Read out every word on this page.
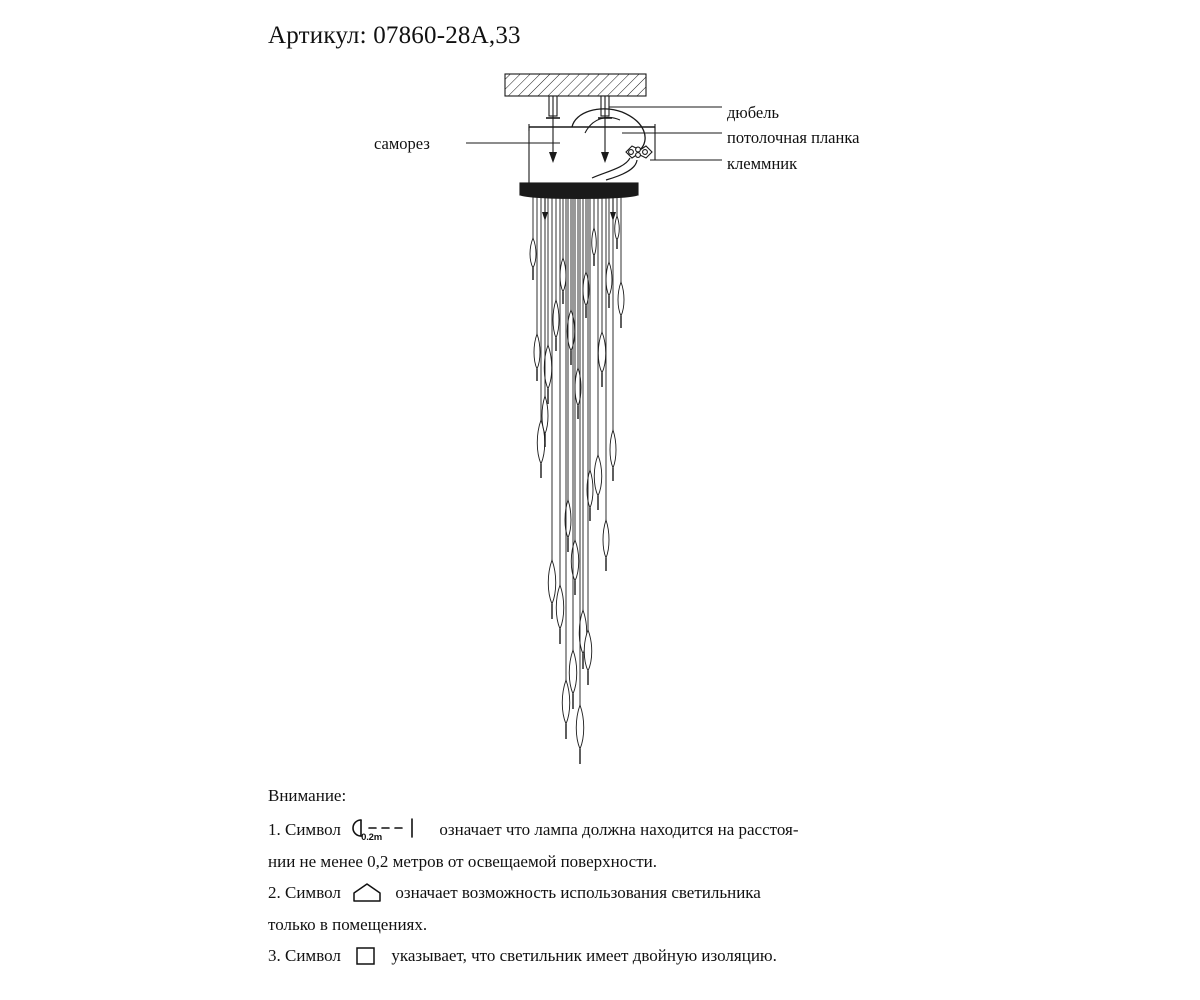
Артикул: 07860-28A,33
дюбель
потолочная планка
клеммник
саморез

Внимание:

1. Символ 0.2m	означает что лампа должна находится на расстоя-

нии не менее 0,2 метров от освещаемой поверхности.

2. Символ	означает возможность использования светильника

только в помещениях.

3. Символ	указывает, что светильник имеет двойную изоляцию.
